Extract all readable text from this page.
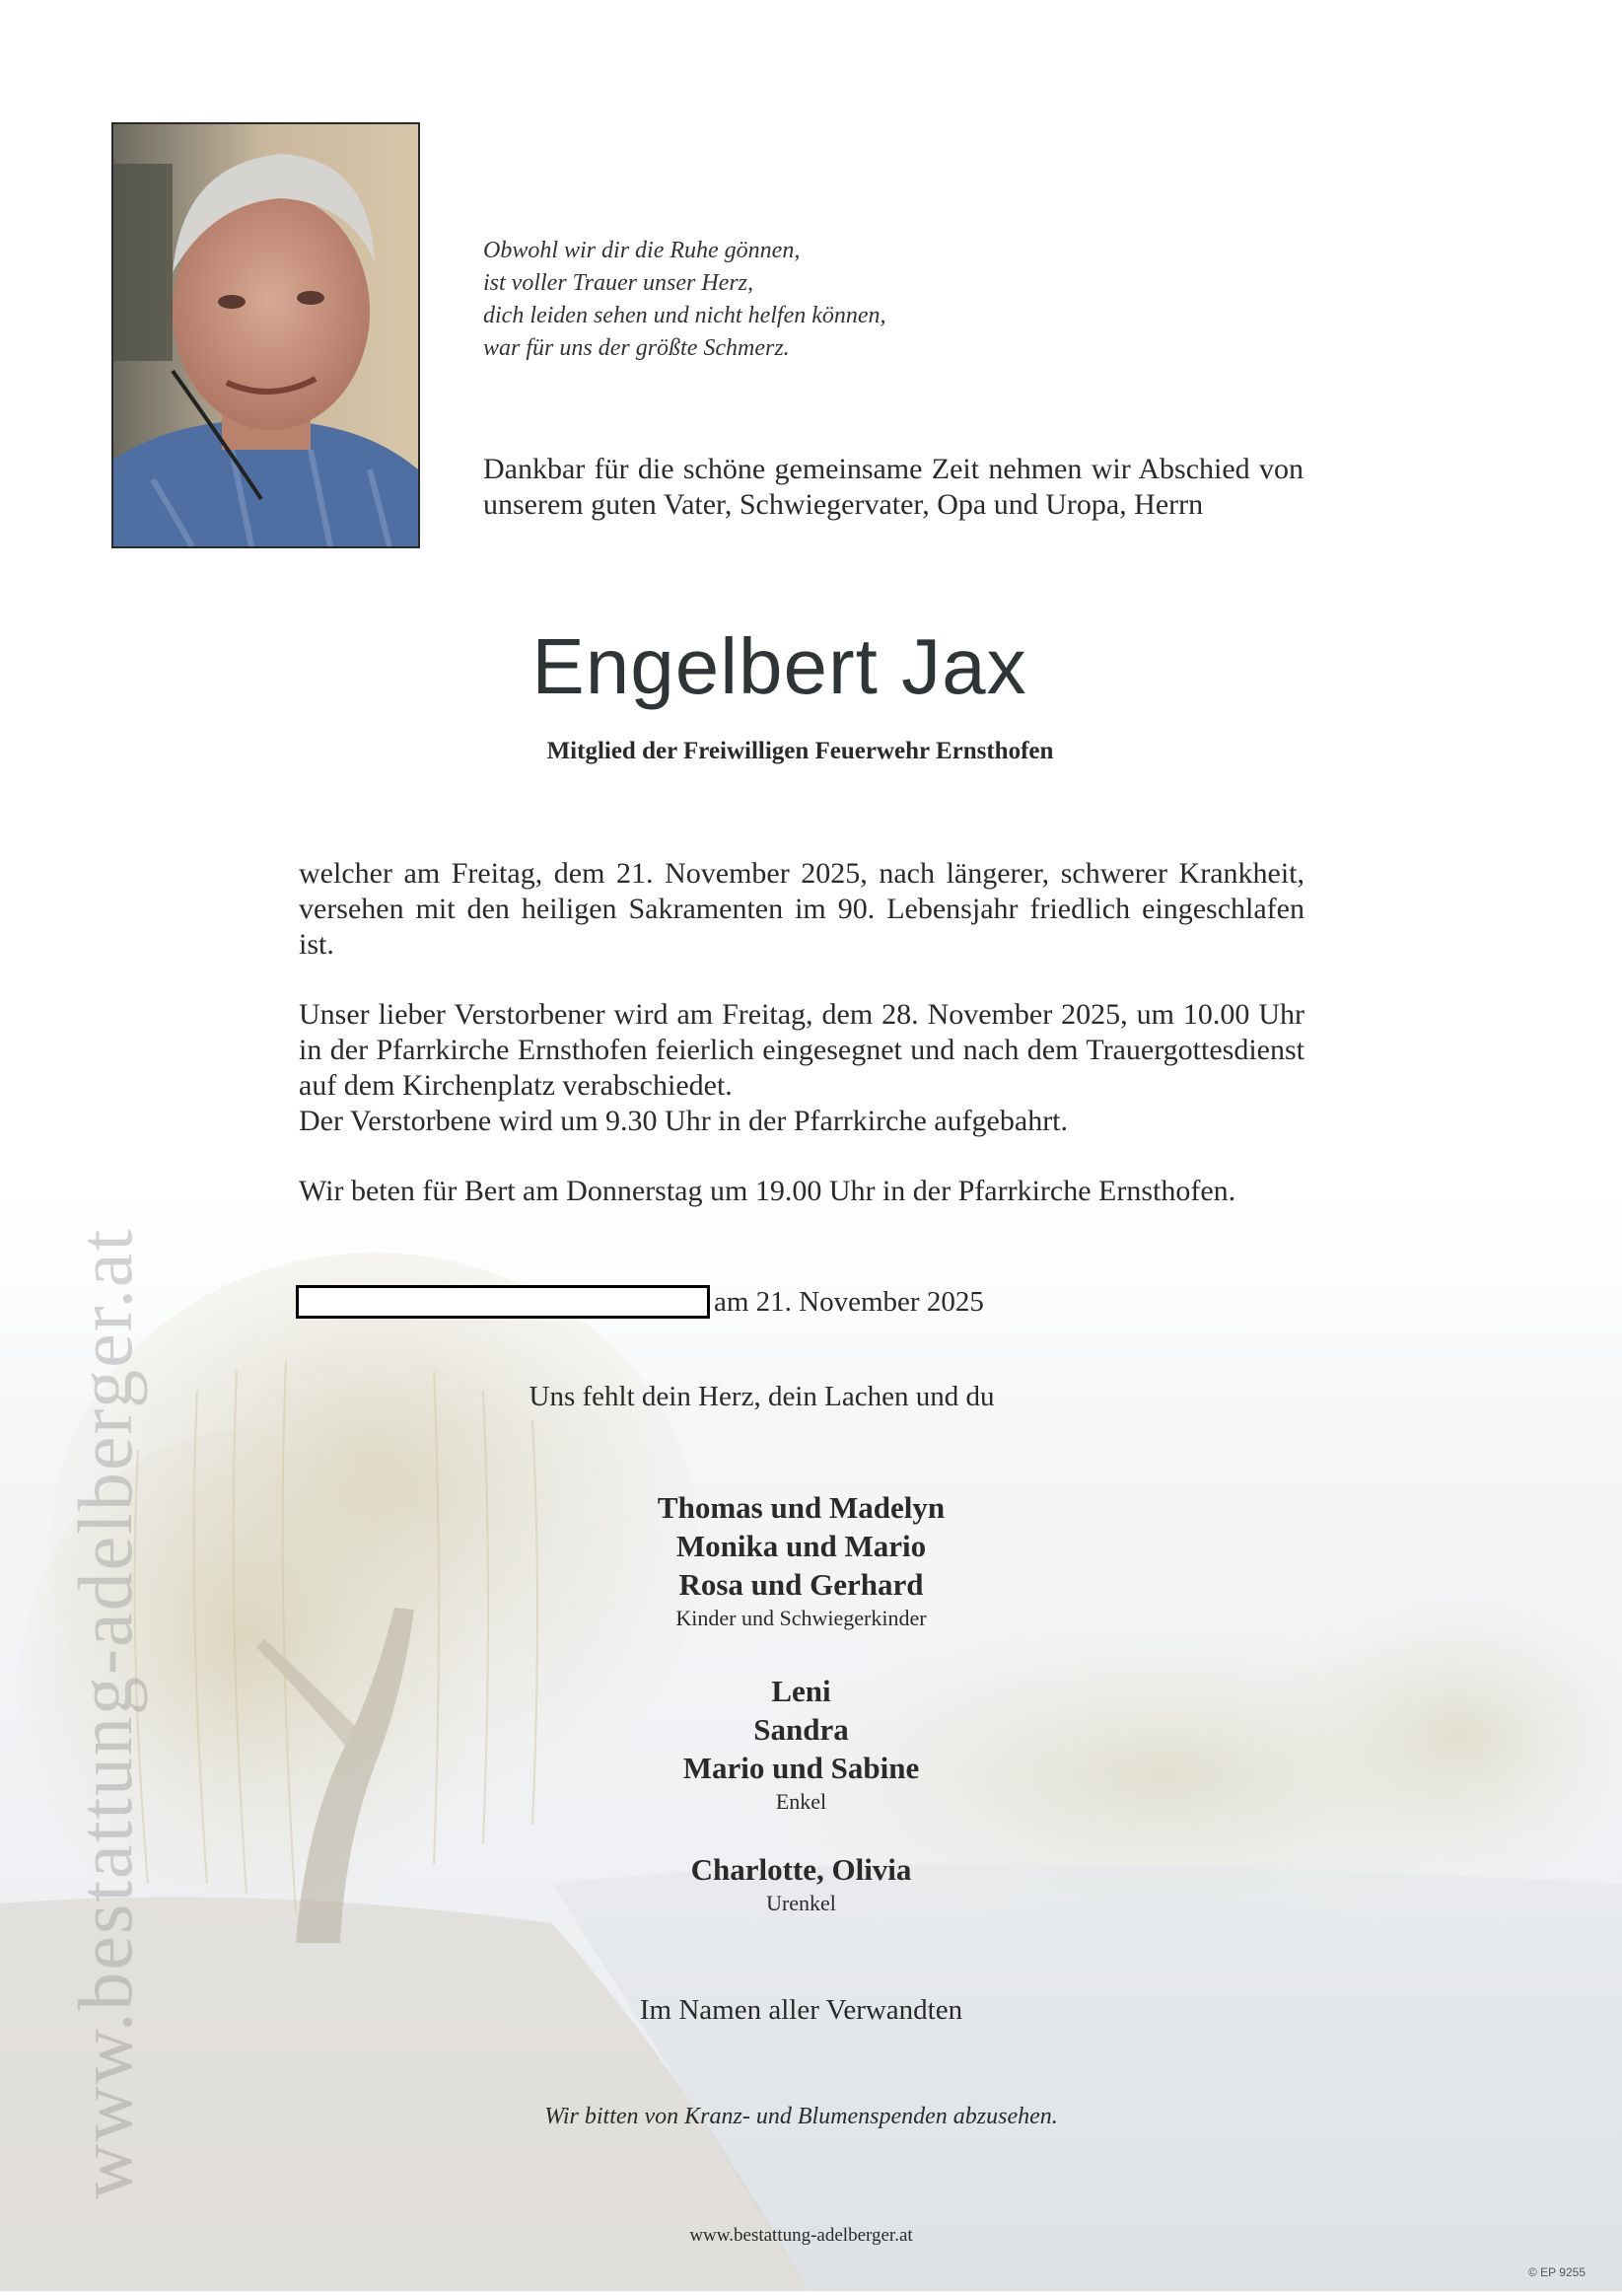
www.bestattung-adelberger.at
Obwohl wir dir die Ruhe gönnen,
ist voller Trauer unser Herz,
dich leiden sehen und nicht helfen können,
war für uns der größte Schmerz.
Dankbar für die schöne gemeinsame Zeit nehmen wir Abschied von unserem guten Vater, Schwiegervater, Opa und Uropa, Herrn
Engelbert Jax
Mitglied der Freiwilligen Feuerwehr Ernsthofen
welcher am Freitag, dem 21. November 2025, nach längerer, schwerer Krankheit, versehen mit den heiligen Sakramenten im 90. Lebensjahr friedlich eingeschlafen ist.
Unser lieber Verstorbener wird am Freitag, dem 28. November 2025, um 10.00 Uhr in der Pfarrkirche Ernsthofen feierlich eingesegnet und nach dem Trauergottesdienst auf dem Kirchenplatz verabschiedet.
Der Verstorbene wird um 9.30 Uhr in der Pfarrkirche aufgebahrt.
Wir beten für Bert am Donnerstag um 19.00 Uhr in der Pfarrkirche Ernsthofen.
am 21. November 2025
Uns fehlt dein Herz, dein Lachen und du
Thomas und Madelyn
Monika und Mario
Rosa und Gerhard
Kinder und Schwiegerkinder
Leni
Sandra
Mario und Sabine
Enkel
Charlotte, Olivia
Urenkel
Im Namen aller Verwandten
Wir bitten von Kranz- und Blumenspenden abzusehen.
www.bestattung-adelberger.at
© EP 9255
